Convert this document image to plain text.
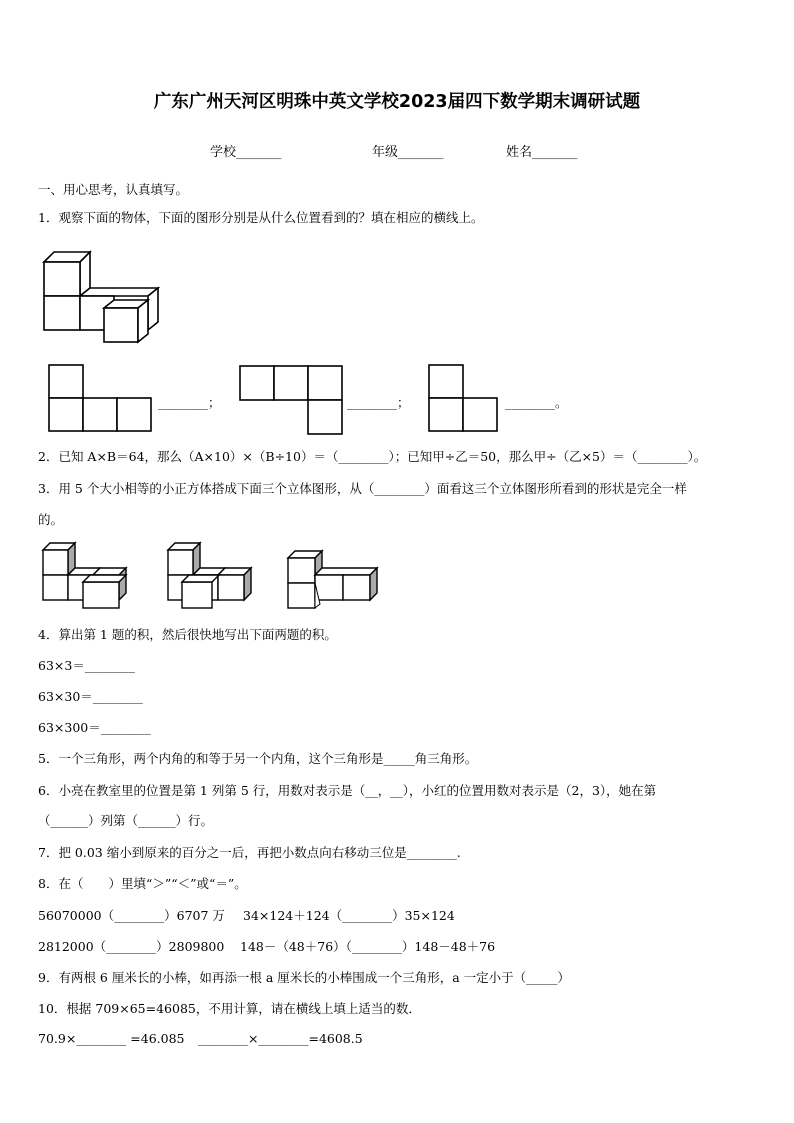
广东广州天河区明珠中英文学校2023届四下数学期末调研试题
学校_______	年级_______	姓名_______
一、用心思考，认真填写。
1．观察下面的物体，下面的图形分别是从什么位置看到的？填在相应的横线上。
________；	________；	________。
2．已知 A×B＝64，那么（A×10）×（B÷10）＝（________）；已知甲÷乙＝50，那么甲÷（乙×5）＝（________）。
3．用 5 个大小相等的小正方体搭成下面三个立体图形，从（________）面看这三个立体图形所看到的形状是完全一样
的。
4．算出第 1 题的积，然后很快地写出下面两题的积。
63×3＝________
63×30＝________
63×300＝________
5．一个三角形，两个内角的和等于另一个内角，这个三角形是_____角三角形。
6．小亮在教室里的位置是第 1 列第 5 行，用数对表示是（__，__），小红的位置用数对表示是（2，3），她在第
（______）列第（______）行。
7．把 0.03 缩小到原来的百分之一后，再把小数点向右移动三位是________.
8．在（　　）里填“＞”“＜”或“＝”。
56070000（________）6707 万 34×124＋124（________）35×124
2812000（________）2809800 148－（48＋76）（________）148－48＋76
9．有两根 6 厘米长的小棒，如再添一根 a 厘米长的小棒围成一个三角形，a 一定小于（_____）
10．根据 709×65=46085，不用计算，请在横线上填上适当的数．
70.9×________ =46.085 ________×________=4608.5
